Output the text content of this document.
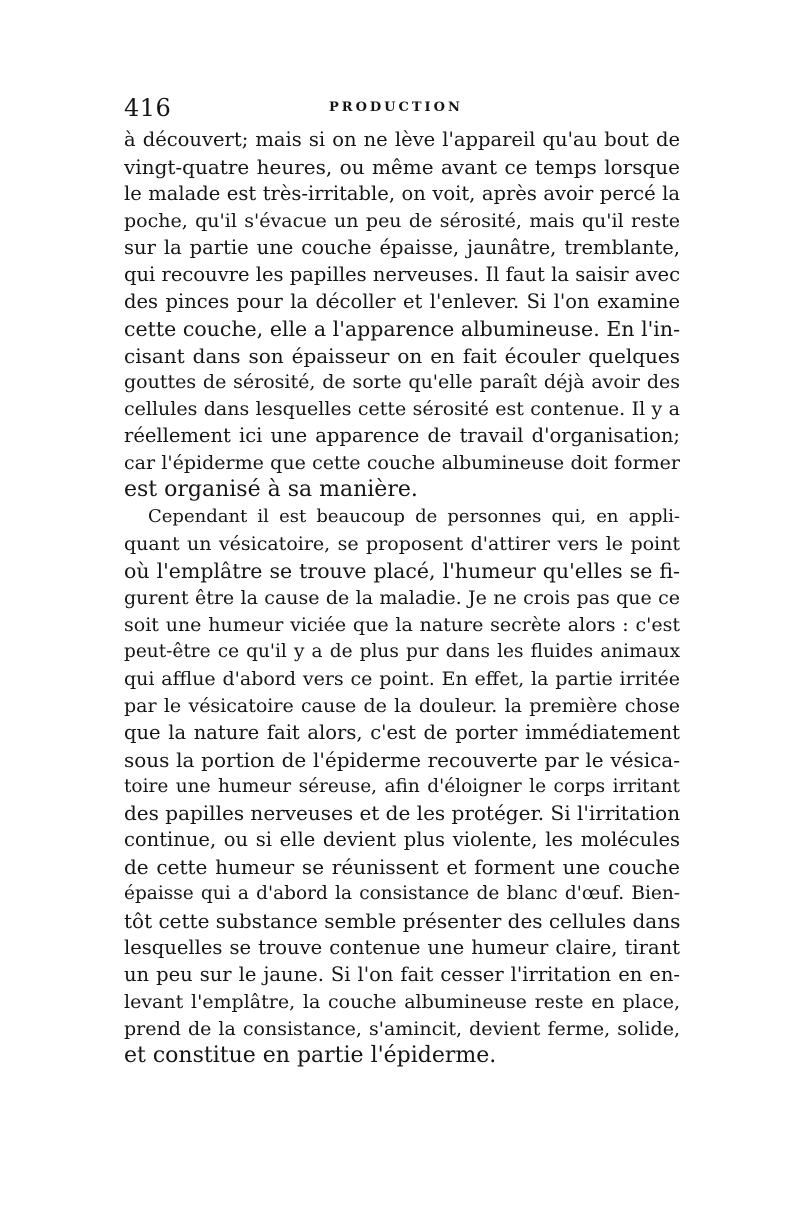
416	PRODUCTION
à découvert; mais si on ne lève l'appareil qu'au bout de
vingt-quatre heures, ou même avant ce temps lorsque
le malade est très-irritable, on voit, après avoir percé la
poche, qu'il s'évacue un peu de sérosité, mais qu'il reste
sur la partie une couche épaisse, jaunâtre, tremblante,
qui recouvre les papilles nerveuses. Il faut la saisir avec
des pinces pour la décoller et l'enlever. Si l'on examine
cette couche, elle a l'apparence albumineuse. En l'in-
cisant dans son épaisseur on en fait écouler quelques
gouttes de sérosité, de sorte qu'elle paraît déjà avoir des
cellules dans lesquelles cette sérosité est contenue. Il y a
réellement ici une apparence de travail d'organisation;
car l'épiderme que cette couche albumineuse doit former
est organisé à sa manière.
Cependant il est beaucoup de personnes qui, en appli-
quant un vésicatoire, se proposent d'attirer vers le point
où l'emplâtre se trouve placé, l'humeur qu'elles se fi-
gurent être la cause de la maladie. Je ne crois pas que ce
soit une humeur viciée que la nature secrète alors : c'est
peut-être ce qu'il y a de plus pur dans les fluides animaux
qui afflue d'abord vers ce point. En effet, la partie irritée
par le vésicatoire cause de la douleur. la première chose
que la nature fait alors, c'est de porter immédiatement
sous la portion de l'épiderme recouverte par le vésica-
toire une humeur séreuse, afin d'éloigner le corps irritant
des papilles nerveuses et de les protéger. Si l'irritation
continue, ou si elle devient plus violente, les molécules
de cette humeur se réunissent et forment une couche
épaisse qui a d'abord la consistance de blanc d'œuf. Bien-
tôt cette substance semble présenter des cellules dans
lesquelles se trouve contenue une humeur claire, tirant
un peu sur le jaune. Si l'on fait cesser l'irritation en en-
levant l'emplâtre, la couche albumineuse reste en place,
prend de la consistance, s'amincit, devient ferme, solide,
et constitue en partie l'épiderme.
